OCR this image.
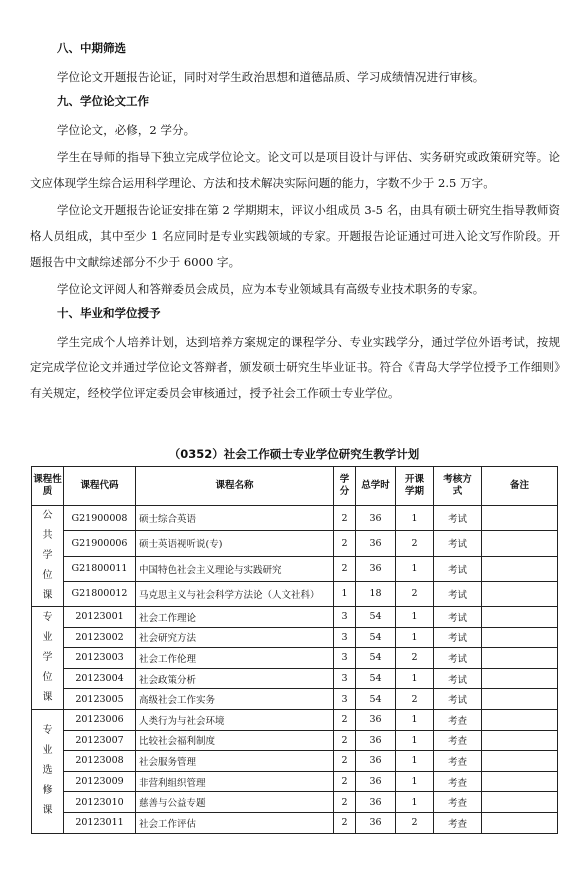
八、中期筛选
学位论文开题报告论证，同时对学生政治思想和道德品质、学习成绩情况进行审核。
九、学位论文工作
学位论文，必修，2 学分。
学生在导师的指导下独立完成学位论文。论文可以是项目设计与评估、实务研究或政策研究等。论文应体现学生综合运用科学理论、方法和技术解决实际问题的能力，字数不少于 2.5 万字。
学位论文开题报告论证安排在第 2 学期期末，评议小组成员 3-5 名，由具有硕士研究生指导教师资格人员组成，其中至少 1 名应同时是专业实践领域的专家。开题报告论证通过可进入论文写作阶段。开题报告中文献综述部分不少于 6000 字。
学位论文评阅人和答辩委员会成员，应为本专业领域具有高级专业技术职务的专家。
十、毕业和学位授予
学生完成个人培养计划，达到培养方案规定的课程学分、专业实践学分，通过学位外语考试，按规定完成学位论文并通过学位论文答辩者，颁发硕士研究生毕业证书。符合《青岛大学学位授予工作细则》有关规定，经校学位评定委员会审核通过，授予社会工作硕士专业学位。
（0352）社会工作硕士专业学位研究生教学计划
课程性质	课程代码	课程名称	学分	总学时	开课学期	考核方式	备注

公
共
学
位
课	G21900008	硕士综合英语	2	36	1	考试	
	G21900006	硕士英语视听说(专)	2	36	2	考试	
	G21800011	中国特色社会主义理论与实践研究	2	36	1	考试	
	G21800012	马克思主义与社会科学方法论（人文社科）	1	18	2	考试	

专
业
学
位
课	20123001	社会工作理论	3	54	1	考试	
	20123002	社会研究方法	3	54	1	考试	
	20123003	社会工作伦理	3	54	2	考试	
	20123004	社会政策分析	3	54	1	考试	
	20123005	高级社会工作实务	3	54	2	考试	

专
业
选
修
课	20123006	人类行为与社会环境	2	36	1	考查	
	20123007	比较社会福利制度	2	36	1	考查	
	20123008	社会服务管理	2	36	1	考查	
	20123009	非营利组织管理	2	36	1	考查	
	20123010	慈善与公益专题	2	36	1	考查	
	20123011	社会工作评估	2	36	2	考查	
